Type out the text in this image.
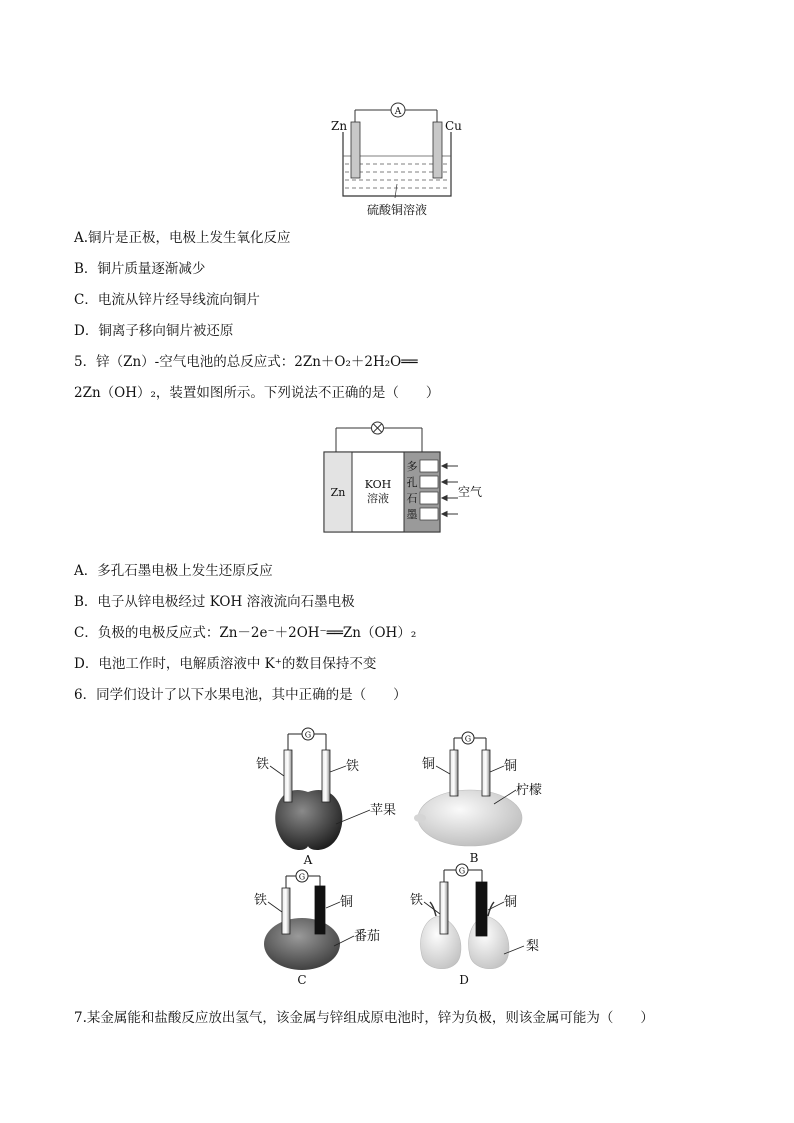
A
Zn	Cu
硫酸铜溶液
A.铜片是正极，电极上发生氧化反应
B．铜片质量逐渐减少
C．电流从锌片经导线流向铜片
D．铜离子移向铜片被还原
5．锌（Zn）-空气电池的总反应式：2Zn＋O₂＋2H₂O══
2Zn（OH）₂，装置如图所示。下列说法不正确的是（　　）
Zn
KOH
溶液
多
孔
石
墨
空气
A．多孔石墨电极上发生还原反应
B．电子从锌电极经过 KOH 溶液流向石墨电极
C．负极的电极反应式：Zn－2e⁻＋2OH⁻══Zn（OH）₂
D．电池工作时，电解质溶液中 K⁺的数目保持不变
6．同学们设计了以下水果电池，其中正确的是（　　）
G
铁	铁
苹果
A
G
铜	铜
柠檬
B
G
铁	铜
番茄
C
G
铁	铜
梨
D
7.某金属能和盐酸反应放出氢气，该金属与锌组成原电池时，锌为负极，则该金属可能为（　　）
